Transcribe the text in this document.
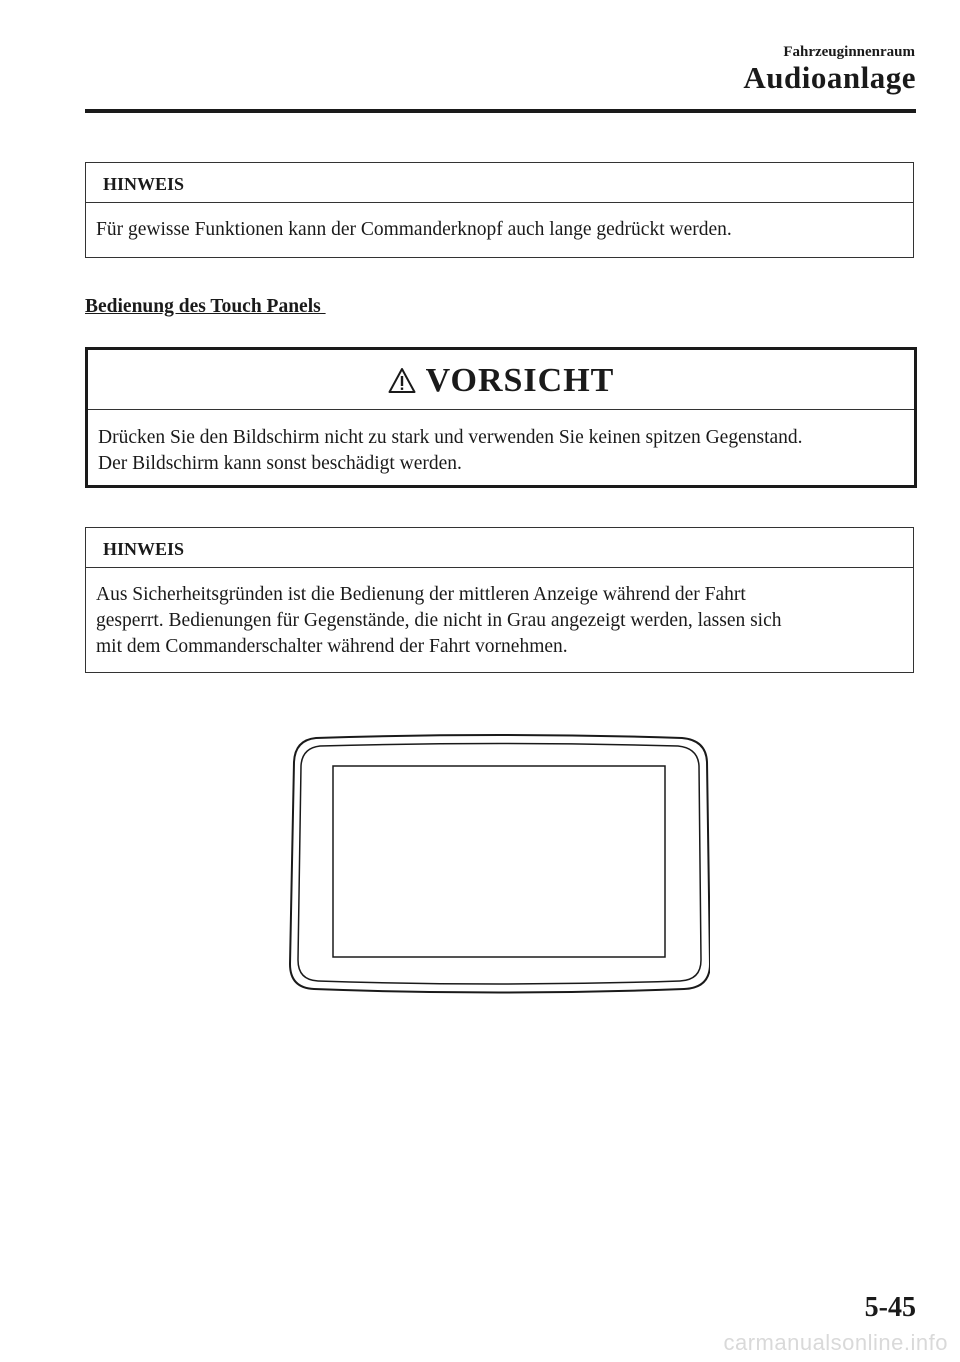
Fahrzeuginnenraum
Audioanlage
HINWEIS
Für gewisse Funktionen kann der Commanderknopf auch lange gedrückt werden.
Bedienung des Touch Panels
VORSICHT
Drücken Sie den Bildschirm nicht zu stark und verwenden Sie keinen spitzen Gegenstand.
Der Bildschirm kann sonst beschädigt werden.
HINWEIS
Aus Sicherheitsgründen ist die Bedienung der mittleren Anzeige während der Fahrt
gesperrt. Bedienungen für Gegenstände, die nicht in Grau angezeigt werden, lassen sich
mit dem Commanderschalter während der Fahrt vornehmen.
5-45
carmanualsonline.info
